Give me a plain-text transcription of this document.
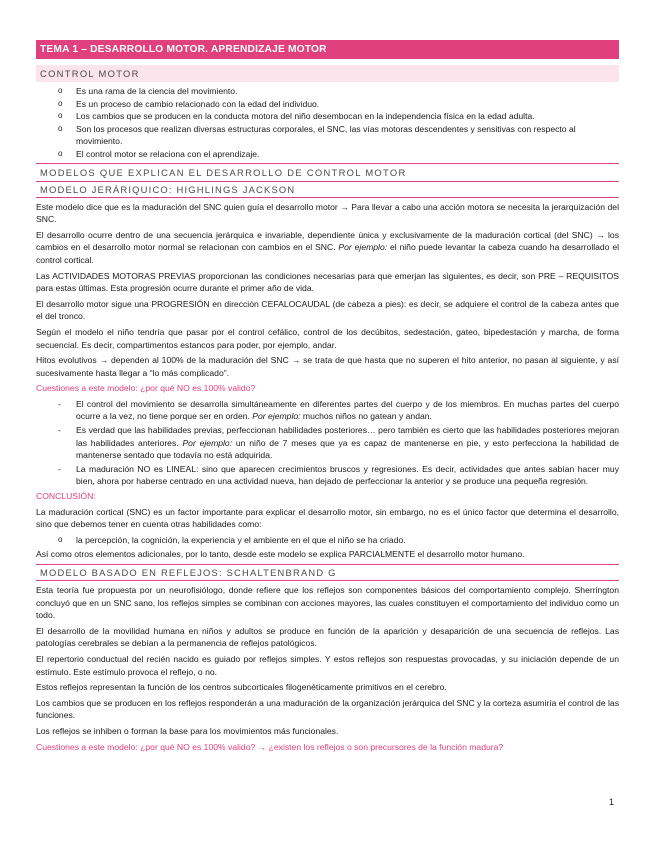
TEMA 1 – DESARROLLO MOTOR. APRENDIZAJE MOTOR
CONTROL MOTOR
o Es una rama de la ciencia del movimiento.
o Es un proceso de cambio relacionado con la edad del individuo.
o Los cambios que se producen en la conducta motora del niño desembocan en la independencia física en la edad adulta.
o Son los procesos que realizan diversas estructuras corporales, el SNC, las vías motoras descendentes y sensitivas con respecto al movimiento.
o El control motor se relaciona con el aprendizaje.
MODELOS QUE EXPLICAN EL DESARROLLO DE CONTROL MOTOR
MODELO JERÁRIQUICO: HIGHLINGS JACKSON

Este modelo dice que es la maduración del SNC quien guía el desarrollo motor → Para llevar a cabo una acción motora se necesita la jerarquización del SNC.

El desarrollo ocurre dentro de una secuencia jerárquica e invariable, dependiente única y exclusivamente de la maduración cortical (del SNC) → los cambios en el desarrollo motor normal se relacionan con cambios en el SNC. Por ejemplo: el niño puede levantar la cabeza cuando ha desarrollado el control cortical.

Las ACTIVIDADES MOTORAS PREVIAS proporcionan las condiciones necesarias para que emerjan las siguientes, es decir, son PRE – REQUISITOS para estas últimas. Esta progresión ocurre durante el primer año de vida.

El desarrollo motor sigue una PROGRESIÓN en dirección CEFALOCAUDAL (de cabeza a pies): es decir, se adquiere el control de la cabeza antes que el del tronco.

Según el modelo el niño tendría que pasar por el control cefálico, control de los decúbitos, sedestación, gateo, bipedestación y marcha, de forma secuencial. Es decir, compartimentos estancos para poder, por ejemplo, andar.

Hitos evolutivos → dependen al 100% de la maduración del SNC → se trata de que hasta que no superen el hito anterior, no pasan al siguiente, y así sucesivamente hasta llegar a “lo más complicado”.

Cuestiones a este modelo: ¿por qué NO es 100% valido?

- El control del movimiento se desarrolla simultáneamente en diferentes partes del cuerpo y de los miembros. En muchas partes del cuerpo ocurre a la vez, no tiene porque ser en orden. Por ejemplo: muchos niños no gatean y andan.
- Es verdad que las habilidades previas, perfeccionan habilidades posteriores… pero también es cierto que las habilidades posteriores mejoran las habilidades anteriores. Por ejemplo: un niño de 7 meses que ya es capaz de mantenerse en pie, y esto perfecciona la habilidad de mantenerse sentado que todavía no está adquirida.
- La maduración NO es LINEAL: sino que aparecen crecimientos bruscos y regresiones. Es decir, actividades que antes sabían hacer muy bien, ahora por haberse centrado en una actividad nueva, han dejado de perfeccionar la anterior y se produce una pequeña regresión.

CONCLUSIÓN:

La maduración cortical (SNC) es un factor importante para explicar el desarrollo motor, sin embargo, no es el único factor que determina el desarrollo, sino que debemos tener en cuenta otras habilidades como:

o la percepción, la cognición, la experiencia y el ambiente en el que el niño se ha criado.

Así como otros elementos adicionales, por lo tanto, desde este modelo se explica PARCIALMENTE el desarrollo motor humano.

MODELO BASADO EN REFLEJOS: SCHALTENBRAND G

Esta teoría fue propuesta por un neurofisiólogo, donde refiere que los reflejos son componentes básicos del comportamiento complejo. Sherrington concluyó que en un SNC sano, los reflejos simples se combinan con acciones mayores, las cuales constituyen el comportamiento del individuo como un todo.

El desarrollo de la movilidad humana en niños y adultos se produce en función de la aparición y desaparición de una secuencia de reflejos. Las patologías cerebrales se debían a la permanencia de reflejos patológicos.

El repertorio conductual del recién nacido es guiado por reflejos simples. Y estos reflejos son respuestas provocadas, y su iniciación depende de un estímulo. Este estímulo provoca el reflejo, o no.

Estos reflejos representan la función de los centros subcorticales filogenéticamente primitivos en el cerebro.

Los cambios que se producen en los reflejos responderán a una maduración de la organización jerárquica del SNC y la corteza asumiría el control de las funciones.

Los reflejos se inhiben o forman la base para los movimientos más funcionales.

Cuestiones a este modelo: ¿por qué NO es 100% valido? → ¿existen los reflejos o son precursores de la función madura?

1
